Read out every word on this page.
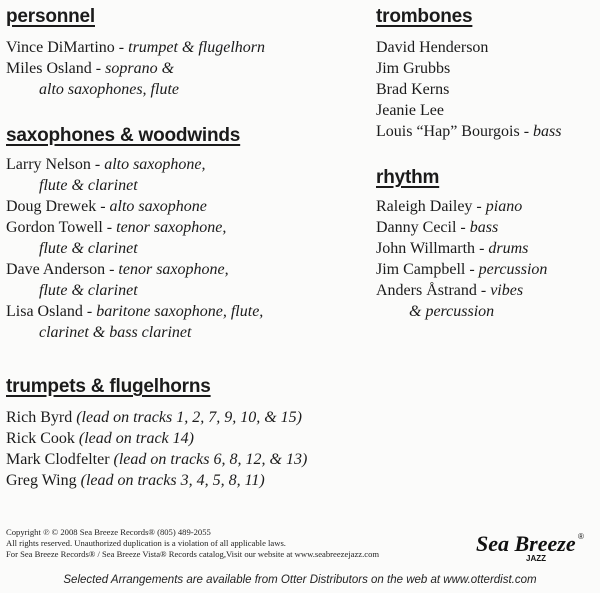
personnel

Vince DiMartino - trumpet & flugelhorn

Miles Osland - soprano &
alto saxophones, flute

saxophones & woodwinds

Larry Nelson - alto saxophone,
flute & clarinet

Doug Drewek - alto saxophone

Gordon Towell - tenor saxophone,
flute & clarinet

Dave Anderson - tenor saxophone,
flute & clarinet

Lisa Osland - baritone saxophone, flute,
clarinet & bass clarinet

trumpets & flugelhorns

Rich Byrd (lead on tracks 1, 2, 7, 9, 10, & 15)

Rick Cook (lead on track 14)

Mark Clodfelter (lead on tracks 6, 8, 12, & 13)

Greg Wing (lead on tracks 3, 4, 5, 8, 11)

trombones

David Henderson

Jim Grubbs

Brad Kerns

Jeanie Lee

Louis “Hap” Bourgois - bass

rhythm

Raleigh Dailey - piano

Danny Cecil - bass

John Willmarth - drums

Jim Campbell - percussion

Anders Åstrand - vibes
& percussion

Copyright ℗ © 2008 Sea Breeze Records® (805) 489-2055
All rights reserved. Unauthorized duplication is a violation of all applicable laws.
For Sea Breeze Records® / Sea Breeze Vista® Records catalog,Visit our website at www.seabreezejazz.com	Sea Breeze ®
JAZZ
Selected Arrangements are available from Otter Distributors on the web at www.otterdist.com
